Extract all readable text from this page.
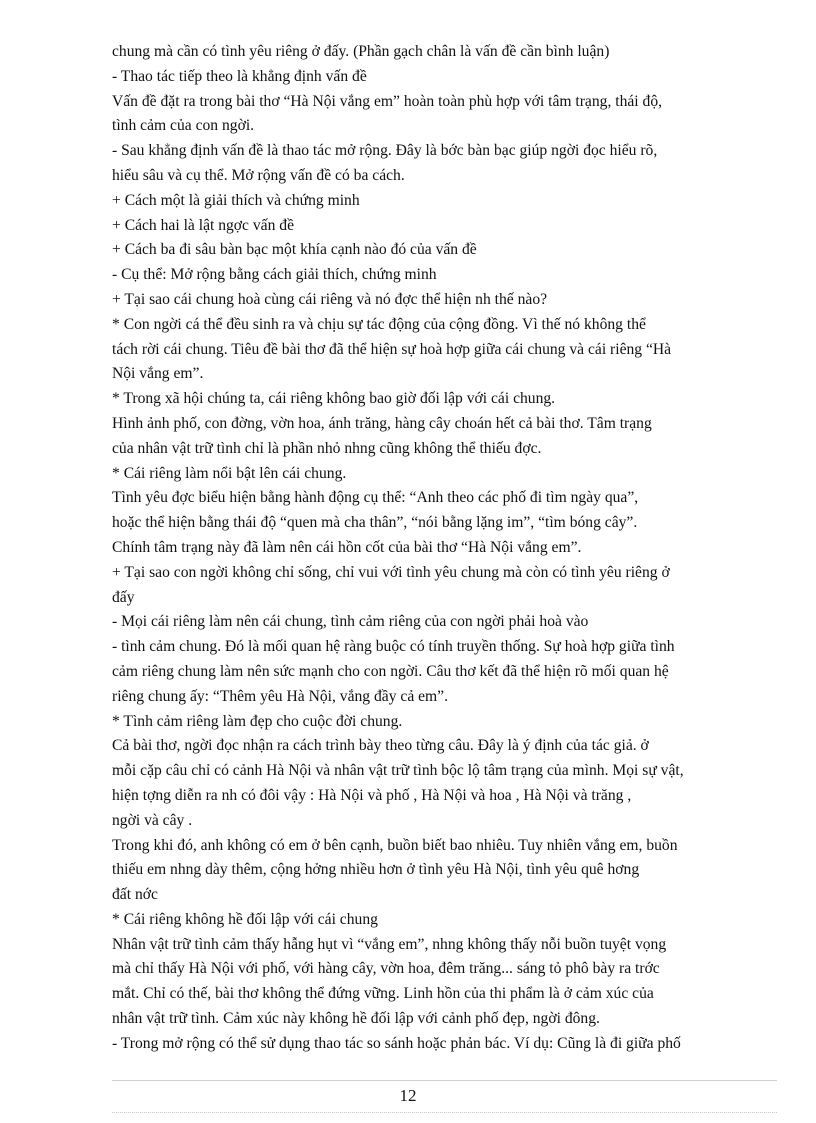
chung mà cần có tình yêu riêng ở đấy. (Phần gạch chân là vấn đề cần bình luận)
- Thao tác tiếp theo là khẳng định vấn đề
Vấn đề đặt ra trong bài thơ “Hà Nội vắng em” hoàn toàn phù hợp với tâm trạng, thái độ,
tình cảm của con ngời.
- Sau khẳng định vấn đề là thao tác mở rộng. Đây là bớc bàn bạc giúp ngời đọc hiểu rõ,
hiểu sâu và cụ thể. Mở rộng vấn đề có ba cách.
+ Cách một là giải thích và chứng minh
+ Cách hai là lật ngợc vấn đề
+ Cách ba đi sâu bàn bạc một khía cạnh nào đó của vấn đề
- Cụ thể: Mở rộng bằng cách giải thích, chứng minh
+ Tại sao cái chung hoà cùng cái riêng và nó đợc thể hiện nh thế nào?
* Con ngời cá thể đều sinh ra và chịu sự tác động của cộng đồng. Vì thế nó không thể
tách rời cái chung. Tiêu đề bài thơ đã thể hiện sự hoà hợp giữa cái chung và cái riêng “Hà
Nội vắng em”.
* Trong xã hội chúng ta, cái riêng không bao giờ đối lập với cái chung.
Hình ảnh phố, con đờng, vờn hoa, ánh trăng, hàng cây choán hết cả bài thơ. Tâm trạng
của nhân vật trữ tình chỉ là phần nhỏ nhng cũng không thể thiếu đợc.
* Cái riêng làm nổi bật lên cái chung.
Tình yêu đợc biểu hiện bằng hành động cụ thể: “Anh theo các phố đi tìm ngày qua”,
hoặc thể hiện bằng thái độ “quen mà cha thân”, “nói bằng lặng im”, “tìm bóng cây”.
Chính tâm trạng này đã làm nên cái hồn cốt của bài thơ “Hà Nội vắng em”.
+ Tại sao con ngời không chỉ sống, chỉ vui với tình yêu chung mà còn có tình yêu riêng ở
đấy
- Mọi cái riêng làm nên cái chung, tình cảm riêng của con ngời phải hoà vào
- tình cảm chung. Đó là mối quan hệ ràng buộc có tính truyền thống. Sự hoà hợp giữa tình
cảm riêng chung làm nên sức mạnh cho con ngời. Câu thơ kết đã thể hiện rõ mối quan hệ
riêng chung ấy: “Thêm yêu Hà Nội, vắng đầy cả em”.
* Tình cảm riêng làm đẹp cho cuộc đời chung.
Cả bài thơ, ngời đọc nhận ra cách trình bày theo từng câu. Đây là ý định của tác giả. ở
mỗi cặp câu chỉ có cảnh Hà Nội và nhân vật trữ tình bộc lộ tâm trạng của mình. Mọi sự vật,
hiện tợng diễn ra nh có đôi vậy : Hà Nội và phố , Hà Nội và hoa , Hà Nội và trăng ,
ngời và cây .
Trong khi đó, anh không có em ở bên cạnh, buồn biết bao nhiêu. Tuy nhiên vắng em, buồn
thiếu em nhng dày thêm, cộng hởng nhiều hơn ở tình yêu Hà Nội, tình yêu quê hơng
đất nớc
* Cái riêng không hề đối lập với cái chung
Nhân vật trữ tình cảm thấy hẫng hụt vì “vắng em”, nhng không thấy nỗi buồn tuyệt vọng
mà chỉ thấy Hà Nội với phố, với hàng cây, vờn hoa, đêm trăng... sáng tỏ phô bày ra trớc
mắt. Chỉ có thế, bài thơ không thể đứng vững. Linh hồn của thi phẩm là ở cảm xúc của
nhân vật trữ tình. Cảm xúc này không hề đối lập với cảnh phố đẹp, ngời đông.
- Trong mở rộng có thể sử dụng thao tác so sánh hoặc phản bác. Ví dụ: Cũng là đi giữa phố
12
